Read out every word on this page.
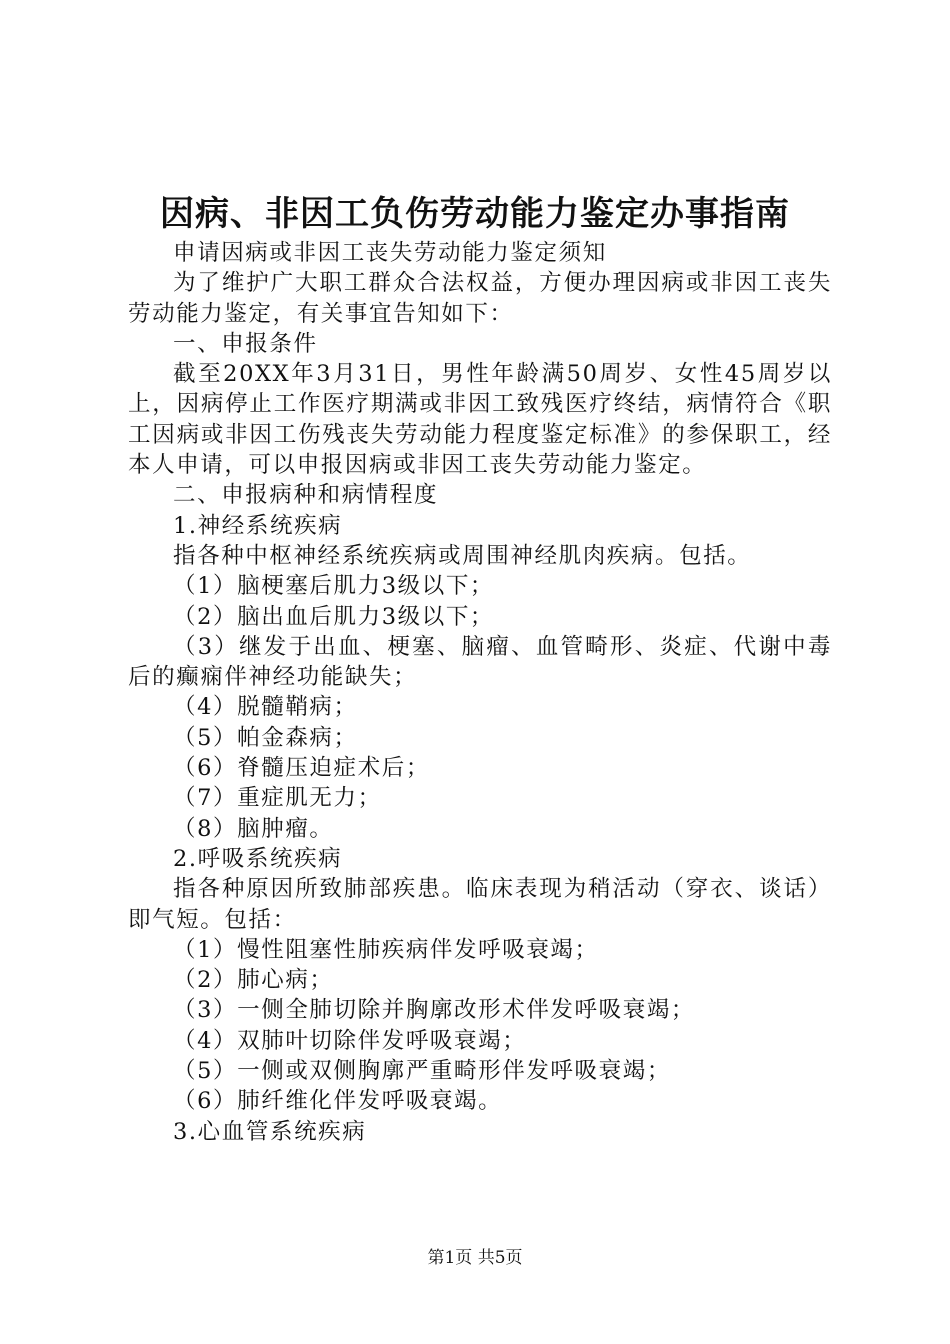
因病、非因工负伤劳动能力鉴定办事指南

申请因病或非因工丧失劳动能力鉴定须知

为了维护广大职工群众合法权益，方便办理因病或非因工丧失劳动能力鉴定，有关事宜告知如下：

一、申报条件

截至20XX年3月31日，男性年龄满50周岁、女性45周岁以上，因病停止工作医疗期满或非因工致残医疗终结，病情符合《职工因病或非因工伤残丧失劳动能力程度鉴定标准》的参保职工，经本人申请，可以申报因病或非因工丧失劳动能力鉴定。

二、申报病种和病情程度

1.神经系统疾病

指各种中枢神经系统疾病或周围神经肌肉疾病。包括。

（1）脑梗塞后肌力3级以下；

（2）脑出血后肌力3级以下；

（3）继发于出血、梗塞、脑瘤、血管畸形、炎症、代谢中毒后的癫痫伴神经功能缺失；

（4）脱髓鞘病；

（5）帕金森病；

（6）脊髓压迫症术后；

（7）重症肌无力；

（8）脑肿瘤。

2.呼吸系统疾病

指各种原因所致肺部疾患。临床表现为稍活动（穿衣、谈话）即气短。包括：

（1）慢性阻塞性肺疾病伴发呼吸衰竭；

（2）肺心病；

（3）一侧全肺切除并胸廓改形术伴发呼吸衰竭；

（4）双肺叶切除伴发呼吸衰竭；

（5）一侧或双侧胸廓严重畸形伴发呼吸衰竭；

（6）肺纤维化伴发呼吸衰竭。

3.心血管系统疾病

第1页 共5页
